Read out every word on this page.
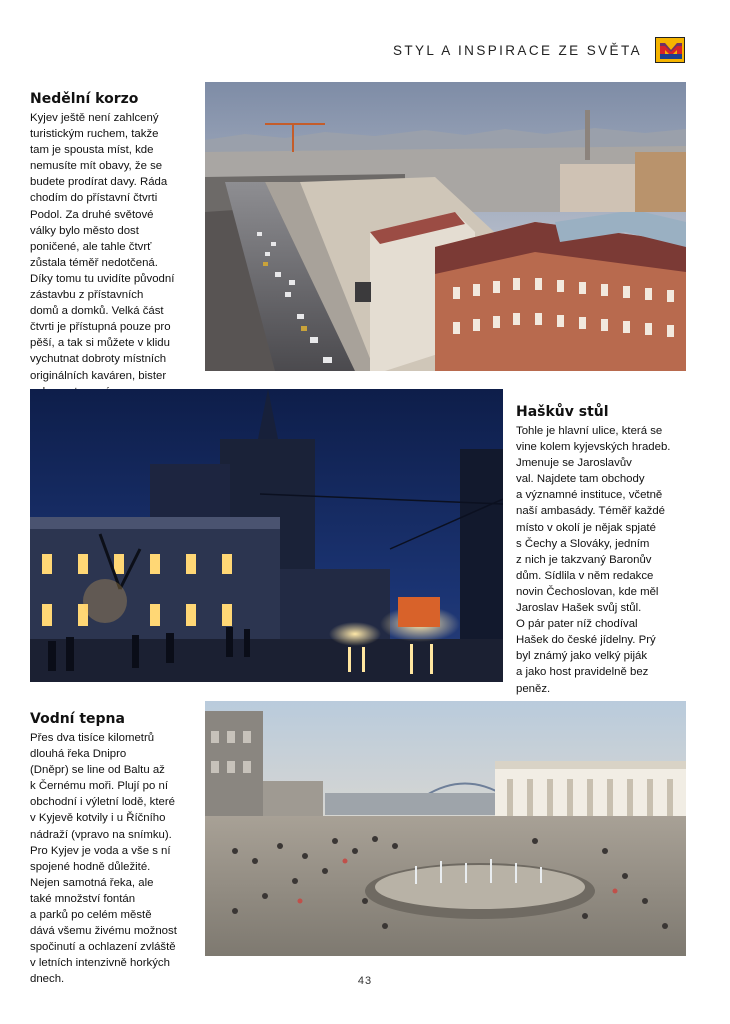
STYL A INSPIRACE ZE SVĚTA
Nedělní korzo
Kyjev ještě není zahlcený
turistickým ruchem, takže
tam je spousta míst, kde
nemusíte mít obavy, že se
budete prodírat davy. Ráda
chodím do přístavní čtvrti
Podol. Za druhé světové
války bylo město dost
poničené, ale tahle čtvrť
zůstala téměř nedotčená.
Díky tomu tu uvidíte původní
zástavbu z přístavních
domů a domků. Velká část
čtvrti je přístupná pouze pro
pěší, a tak si můžete v klidu
vychutnat dobroty místních
originálních kaváren, bister
Haškův stůl
Tohle je hlavní ulice, která se
vine kolem kyjevských hradeb.
Jmenuje se Jaroslavův
val. Najdete tam obchody
a významné instituce, včetně
naší ambasády. Téměř každé
místo v okolí je nějak spjaté
s Čechy a Slováky, jedním
z nich je takzvaný Baronův
dům. Sídlila v něm redakce
novin Čechoslovan, kde měl
Jaroslav Hašek svůj stůl.
O pár pater níž chodíval
Hašek do české jídelny. Prý
byl známý jako velký piják
a jako host pravidelně bez
peněz.
Vodní tepna
Přes dva tisíce kilometrů
dlouhá řeka Dnipro
(Dněpr) se line od Baltu až
k Černému moři. Plují po ní
obchodní i výletní lodě, které
v Kyjevě kotvily i u Říčního
nádraží (vpravo na snímku).
Pro Kyjev je voda a vše s ní
spojené hodně důležité.
Nejen samotná řeka, ale
také množství fontán
a parků po celém městě
dává všemu živému možnost
spočinutí a ochlazení zvláště
v letních intenzivně horkých
dnech.	43
